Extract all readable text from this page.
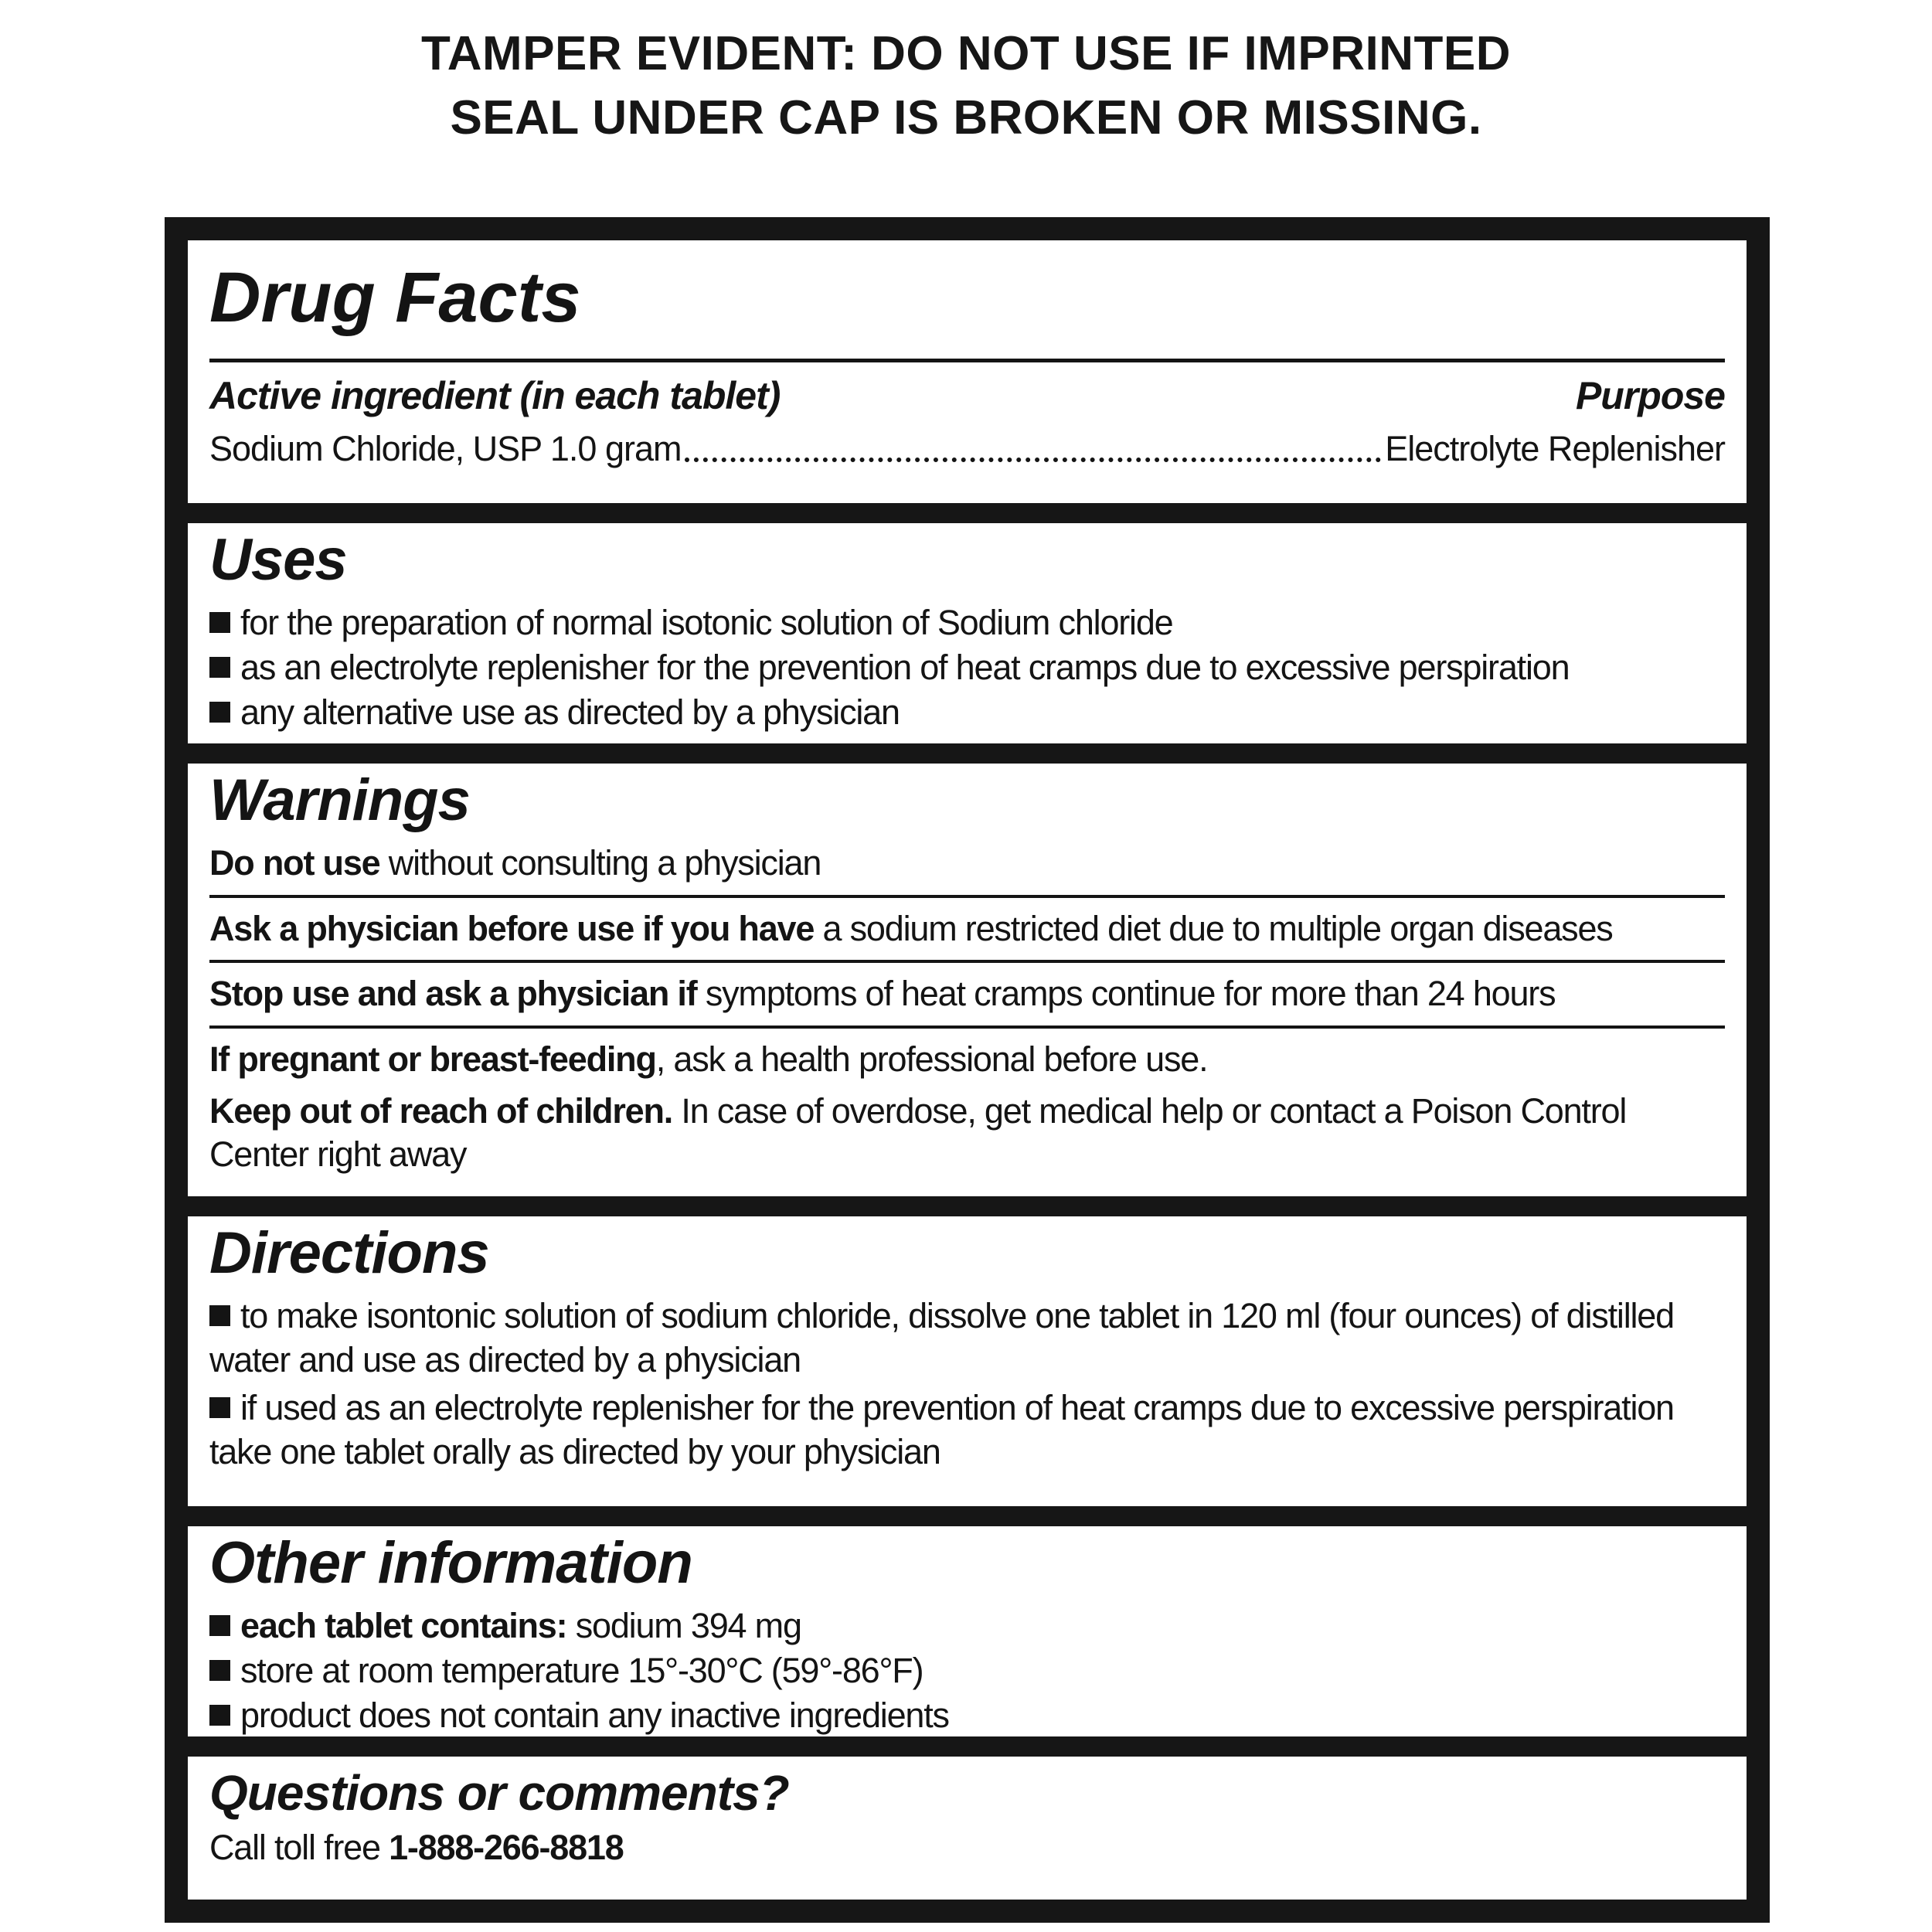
TAMPER EVIDENT: DO NOT USE IF IMPRINTED
SEAL UNDER CAP IS BROKEN OR MISSING.
Drug Facts
Active ingredient (in each tablet)	Purpose
Sodium Chloride, USP 1.0 gram	Electrolyte Replenisher
Uses

for the preparation of normal isotonic solution of Sodium chloride

as an electrolyte replenisher for the prevention of heat cramps due to excessive perspiration

any alternative use as directed by a physician

Warnings

Do not use without consulting a physician

Ask a physician before use if you have a sodium restricted diet due to multiple organ diseases

Stop use and ask a physician if symptoms of heat cramps continue for more than 24 hours

If pregnant or breast-feeding, ask a health professional before use.

Keep out of reach of children. In case of overdose, get medical help or contact a Poison Control Center right away

Directions

to make isontonic solution of sodium chloride, dissolve one tablet in 120 ml (four ounces) of distilled water and use as directed by a physician

if used as an electrolyte replenisher for the prevention of heat cramps due to excessive perspiration take one tablet orally as directed by your physician

Other information

each tablet contains: sodium 394 mg

store at room temperature 15°-30°C (59°-86°F)

product does not contain any inactive ingredients

Questions or comments?

Call toll free 1-888-266-8818
